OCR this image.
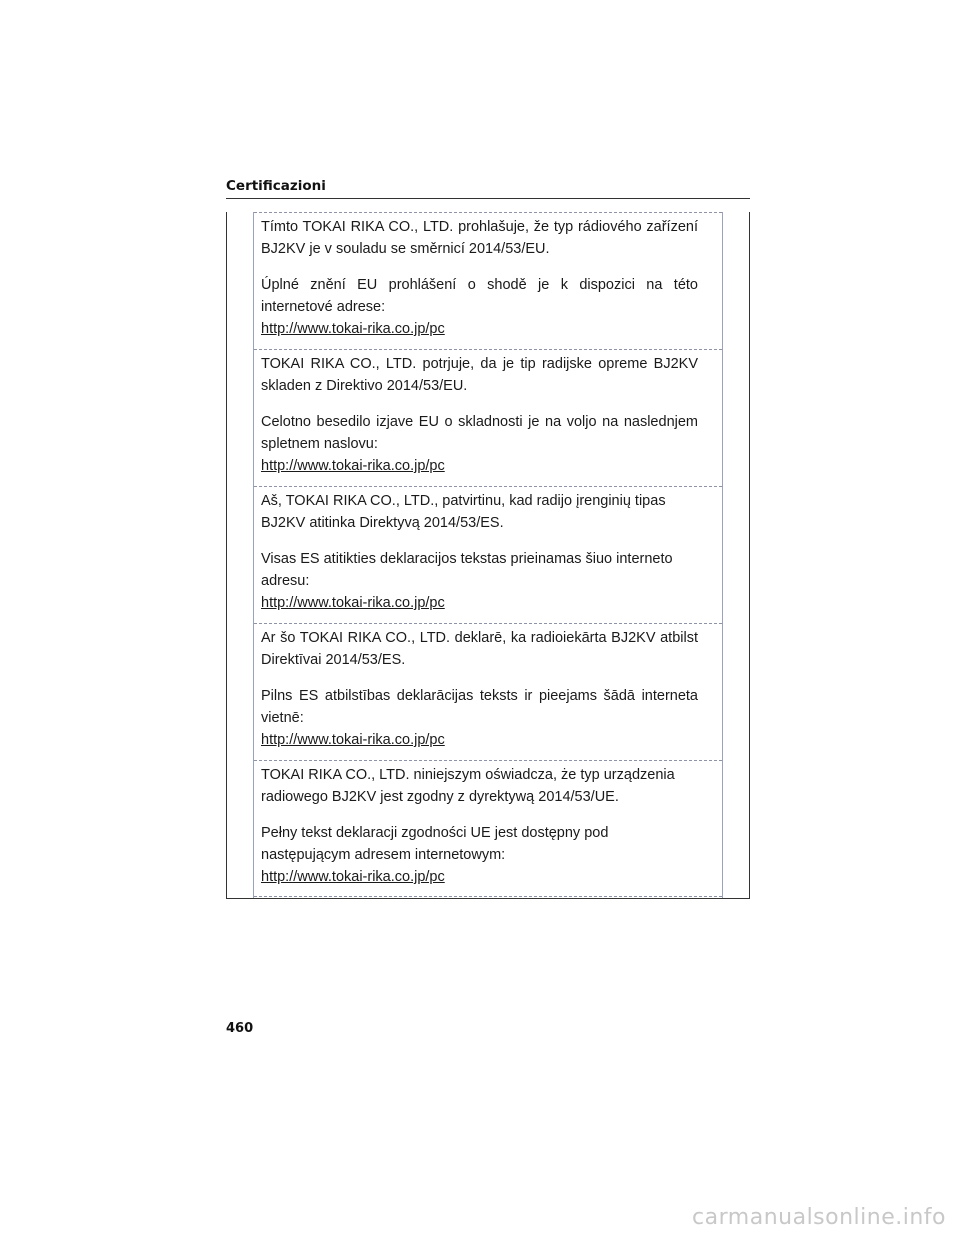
Certificazioni

Tímto TOKAI RIKA CO., LTD. prohlašuje, že typ rádiového zařízení BJ2KV je v souladu se směrnicí 2014/53/EU.

Úplné znění EU prohlášení o shodě je k dispozici na této internetové adrese:

http://www.tokai-rika.co.jp/pc

TOKAI RIKA CO., LTD. potrjuje, da je tip radijske opreme BJ2KV skladen z Direktivo 2014/53/EU.

Celotno besedilo izjave EU o skladnosti je na voljo na naslednjem spletnem naslovu:

http://www.tokai-rika.co.jp/pc

Aš, TOKAI RIKA CO., LTD., patvirtinu, kad radijo įrenginių tipas BJ2KV atitinka Direktyvą 2014/53/ES.

Visas ES atitikties deklaracijos tekstas prieinamas šiuo interneto adresu:

http://www.tokai-rika.co.jp/pc

Ar šo TOKAI RIKA CO., LTD. deklarē, ka radioiekārta BJ2KV atbilst Direktīvai 2014/53/ES.

Pilns ES atbilstības deklarācijas teksts ir pieejams šādā interneta vietnē:

http://www.tokai-rika.co.jp/pc

TOKAI RIKA CO., LTD. niniejszym oświadcza, że typ urządzenia radiowego BJ2KV jest zgodny z dyrektywą 2014/53/UE.

Pełny tekst deklaracji zgodności UE jest dostępny pod następującym adresem internetowym:

http://www.tokai-rika.co.jp/pc
460
carmanualsonline.info
